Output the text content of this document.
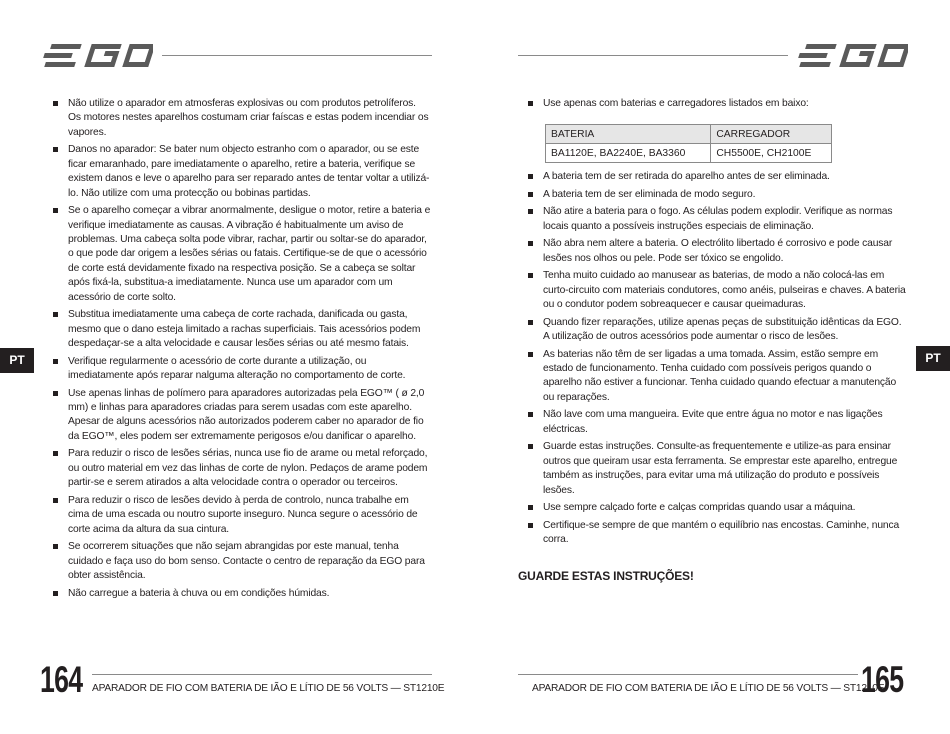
Não utilize o aparador em atmosferas explosivas ou com produtos petrolíferos. Os motores nestes aparelhos costumam criar faíscas e estas podem incendiar os vapores.
Danos no aparador: Se bater num objecto estranho com o aparador, ou se este ficar emaranhado, pare imediatamente o aparelho, retire a bateria, verifique se existem danos e leve o aparelho para ser reparado antes de tentar voltar a utilizá-lo. Não utilize com uma protecção ou bobinas partidas.
Se o aparelho começar a vibrar anormalmente, desligue o motor, retire a bateria e verifique imediatamente as causas. A vibração é habitualmente um aviso de problemas. Uma cabeça solta pode vibrar, rachar, partir ou soltar-se do aparador, o que pode dar origem a lesões sérias ou fatais. Certifique-se de que o acessório de corte está devidamente fixado na respectiva posição. Se a cabeça se soltar após fixá-la, substitua-a imediatamente. Nunca use um aparador com um acessório de corte solto.
Substitua imediatamente uma cabeça de corte rachada, danificada ou gasta, mesmo que o dano esteja limitado a rachas superficiais. Tais acessórios podem despedaçar-se a alta velocidade e causar lesões sérias ou até mesmo fatais.
Verifique regularmente o acessório de corte durante a utilização, ou imediatamente após reparar nalguma alteração no comportamento de corte.
Use apenas linhas de polímero para aparadores autorizadas pela EGO™ ( ø 2,0 mm) e linhas para aparadores criadas para serem usadas com este aparelho. Apesar de alguns acessórios não autorizados poderem caber no aparador de fio da EGO™, eles podem ser extremamente perigosos e/ou danificar o aparelho.
Para reduzir o risco de lesões sérias, nunca use fio de arame ou metal reforçado, ou outro material em vez das linhas de corte de nylon. Pedaços de arame podem partir-se e serem atirados a alta velocidade contra o operador ou terceiros.
Para reduzir o risco de lesões devido à perda de controlo, nunca trabalhe em cima de uma escada ou noutro suporte inseguro. Nunca segure o acessório de corte acima da altura da sua cintura.
Se ocorrerem situações que não sejam abrangidas por este manual, tenha cuidado e faça uso do bom senso. Contacte o centro de reparação da EGO para obter assistência.
Não carregue a bateria à chuva ou em condições húmidas.
PT
164 APARADOR DE FIO COM BATERIA DE IÃO E LÍTIO DE 56 VOLTS — ST1210E
Use apenas com baterias e carregadores listados em baixo:
BATERIA	CARREGADOR
BA1120E, BA2240E, BA3360	CH5500E, CH2100E
A bateria tem de ser retirada do aparelho antes de ser eliminada.
A bateria tem de ser eliminada de modo seguro.
Não atire a bateria para o fogo. As células podem explodir. Verifique as normas locais quanto a possíveis instruções especiais de eliminação.
Não abra nem altere a bateria. O electrólito libertado é corrosivo e pode causar lesões nos olhos ou pele. Pode ser tóxico se engolido.
Tenha muito cuidado ao manusear as baterias, de modo a não colocá-las em curto-circuito com materiais condutores, como anéis, pulseiras e chaves. A bateria ou o condutor podem sobreaquecer e causar queimaduras.
Quando fizer reparações, utilize apenas peças de substituição idênticas da EGO. A utilização de outros acessórios pode aumentar o risco de lesões.
As baterias não têm de ser ligadas a uma tomada. Assim, estão sempre em estado de funcionamento. Tenha cuidado com possíveis perigos quando o aparelho não estiver a funcionar. Tenha cuidado quando efectuar a manutenção ou reparações.
Não lave com uma mangueira. Evite que entre água no motor e nas ligações eléctricas.
Guarde estas instruções. Consulte-as frequentemente e utilize-as para ensinar outros que queiram usar esta ferramenta. Se emprestar este aparelho, entregue também as instruções, para evitar uma má utilização do produto e possíveis lesões.
Use sempre calçado forte e calças compridas quando usar a máquina.
Certifique-se sempre de que mantém o equilíbrio nas encostas. Caminhe, nunca corra.
GUARDE ESTAS INSTRUÇÕES!
PT
APARADOR DE FIO COM BATERIA DE IÃO E LÍTIO DE 56 VOLTS — ST1210E
165
